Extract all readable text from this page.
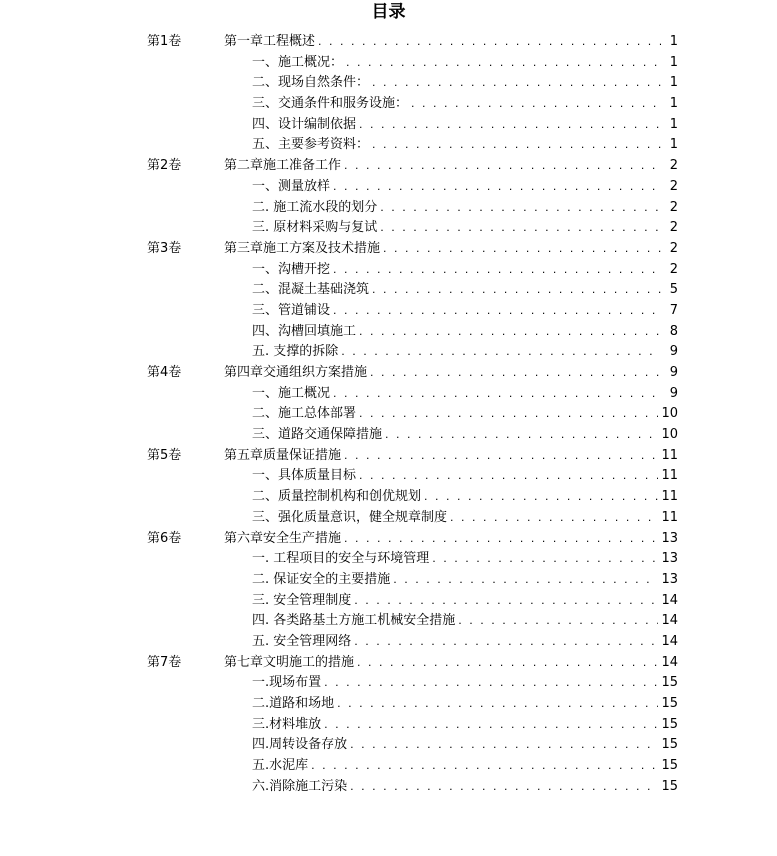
目录
第1卷	第一章工程概述 . . .	1
一、施工概况： . . .	1
二、现场自然条件： . . .	1
三、交通条件和服务设施： . . .	1
四、设计编制依据 . . .	1
五、主要参考资料： . . .	1
第2卷	第二章施工准备工作 . . .	2
一、测量放样 . . .	2
二. 施工流水段的划分 . . .	2
三. 原材料采购与复试 . . .	2
第3卷	第三章施工方案及技术措施 . . .	2
一、沟槽开挖 . . .	2
二、混凝土基础浇筑 . . .	5
三、管道铺设 . . .	7
四、沟槽回填施工 . . .	8
五. 支撑的拆除 . . .	9
第4卷	第四章交通组织方案措施 . . .	9
一、施工概况 . . .	9
二、施工总体部署 . . .	10
三、道路交通保障措施 . . .	10
第5卷	第五章质量保证措施 . . .	11
一、具体质量目标 . . .	11
二、质量控制机构和创优规划 . . .	11
三、强化质量意识，健全规章制度 . . .	11
第6卷	第六章安全生产措施 . . .	13
一. 工程项目的安全与环境管理 . . .	13
二. 保证安全的主要措施 . . .	13
三. 安全管理制度 . . .	14
四. 各类路基土方施工机械安全措施 . . .	14
五. 安全管理网络 . . .	14
第7卷	第七章文明施工的措施 . . .	14
一.现场布置 . . .	15
二.道路和场地 . . .	15
三.材料堆放 . . .	15
四.周转设备存放 . . .	15
五.水泥库 . . .	15
六.消除施工污染 . . .	15
